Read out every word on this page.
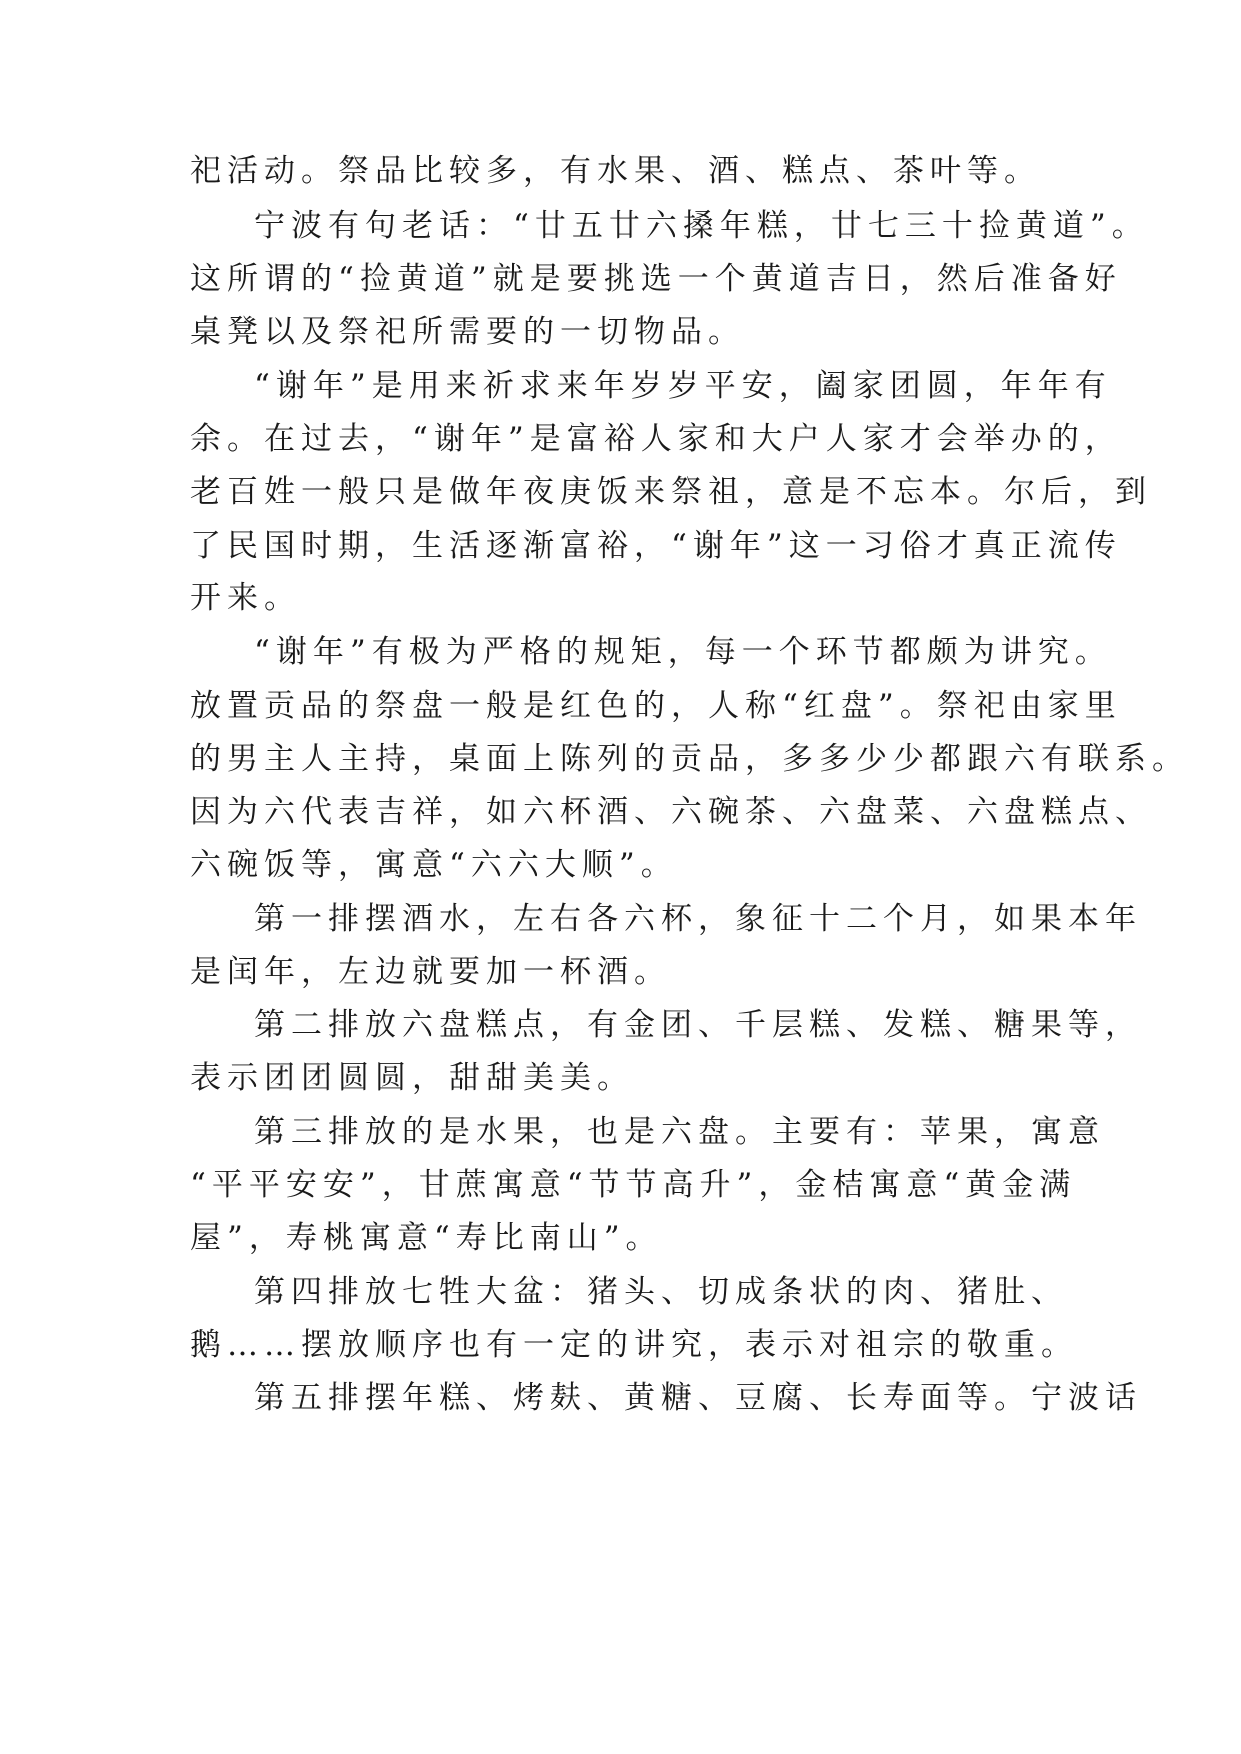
祀活动。祭品比较多，有水果、酒、糕点、茶叶等。
宁波有句老话：“廿五廿六搡年糕，廿七三十捡黄道”。
这所谓的“捡黄道”就是要挑选一个黄道吉日，然后准备好
桌凳以及祭祀所需要的一切物品。
“谢年”是用来祈求来年岁岁平安，阖家团圆，年年有
余。在过去，“谢年”是富裕人家和大户人家才会举办的，
老百姓一般只是做年夜庚饭来祭祖，意是不忘本。尔后，到
了民国时期，生活逐渐富裕，“谢年”这一习俗才真正流传
开来。
“谢年”有极为严格的规矩，每一个环节都颇为讲究。
放置贡品的祭盘一般是红色的，人称“红盘”。祭祀由家里
的男主人主持，桌面上陈列的贡品，多多少少都跟六有联系。
因为六代表吉祥，如六杯酒、六碗茶、六盘菜、六盘糕点、
六碗饭等，寓意“六六大顺”。
第一排摆酒水，左右各六杯，象征十二个月，如果本年
是闰年，左边就要加一杯酒。
第二排放六盘糕点，有金团、千层糕、发糕、糖果等，
表示团团圆圆，甜甜美美。
第三排放的是水果，也是六盘。主要有：苹果，寓意
“平平安安”，甘蔗寓意“节节高升”，金桔寓意“黄金满
屋”，寿桃寓意“寿比南山”。
第四排放七牲大盆：猪头、切成条状的肉、猪肚、
鹅……摆放顺序也有一定的讲究，表示对祖宗的敬重。
第五排摆年糕、烤麸、黄糖、豆腐、长寿面等。宁波话
